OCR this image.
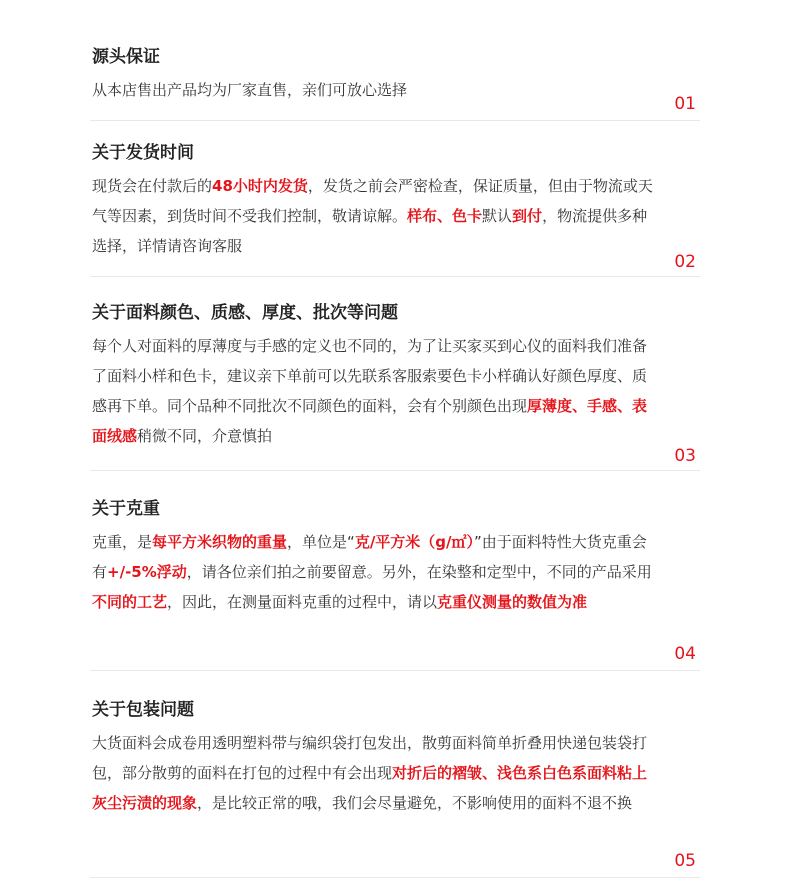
源头保证

从本店售出产品均为厂家直售，亲们可放心选择

01
关于发货时间

现货会在付款后的48小时内发货，发货之前会严密检查，保证质量，但由于物流或天气等因素，到货时间不受我们控制，敬请谅解。样布、色卡默认到付，物流提供多种选择，详情请咨询客服

02
关于面料颜色、质感、厚度、批次等问题

每个人对面料的厚薄度与手感的定义也不同的，为了让买家买到心仪的面料我们准备了面料小样和色卡，建议亲下单前可以先联系客服索要色卡小样确认好颜色厚度、质感再下单。同个品种不同批次不同颜色的面料，会有个别颜色出现厚薄度、手感、表面绒感稍微不同，介意慎拍

03
关于克重

克重，是每平方米织物的重量，单位是“克/平方米（g/㎡）”由于面料特性大货克重会有+/-5%浮动，请各位亲们拍之前要留意。另外，在染整和定型中，不同的产品采用不同的工艺，因此，在测量面料克重的过程中，请以克重仪测量的数值为准

04
关于包装问题

大货面料会成卷用透明塑料带与编织袋打包发出，散剪面料简单折叠用快递包装袋打包，部分散剪的面料在打包的过程中有会出现对折后的褶皱、浅色系白色系面料粘上灰尘污渍的现象，是比较正常的哦，我们会尽量避免，不影响使用的面料不退不换

05
